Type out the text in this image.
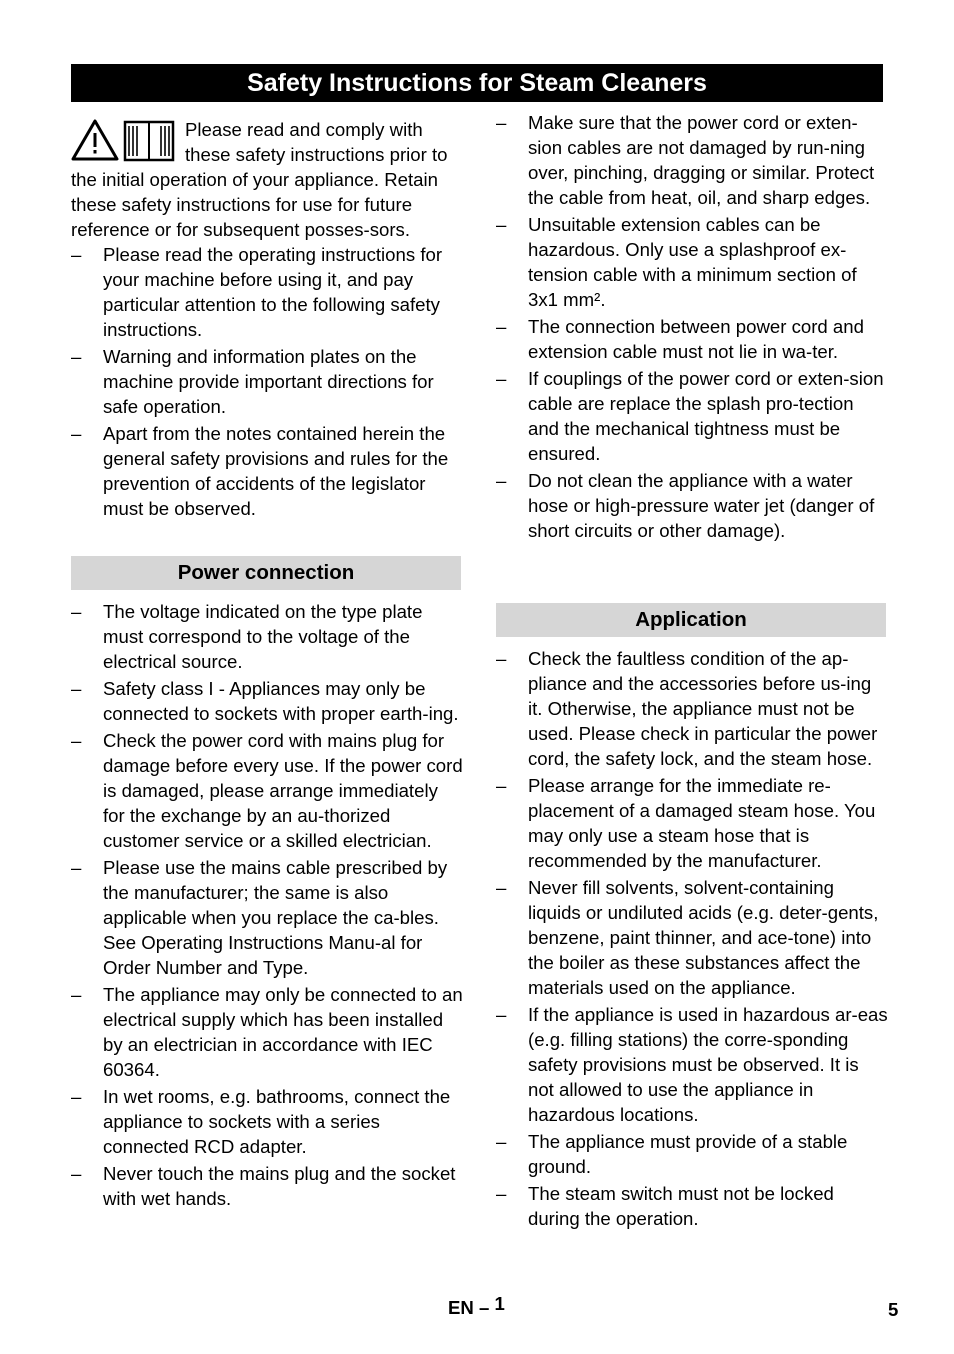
Safety Instructions for Steam Cleaners

Please read and comply with these safety instructions prior to the initial operation of your appliance. Retain these safety instructions for use for future reference or for subsequent posses-sors.

– Please read the operating instructions for your machine before using it, and pay particular attention to the following safety instructions.
– Warning and information plates on the machine provide important directions for safe operation.
– Apart from the notes contained herein the general safety provisions and rules for the prevention of accidents of the legislator must be observed.
Power connection
– The voltage indicated on the type plate must correspond to the voltage of the electrical source.
– Safety class I - Appliances may only be connected to sockets with proper earth-ing.
– Check the power cord with mains plug for damage before every use. If the power cord is damaged, please arrange immediately for the exchange by an au-thorized customer service or a skilled electrician.
– Please use the mains cable prescribed by the manufacturer; the same is also applicable when you replace the ca-bles. See Operating Instructions Manu-al for Order Number and Type.
– The appliance may only be connected to an electrical supply which has been installed by an electrician in accordance with IEC 60364.
– In wet rooms, e.g. bathrooms, connect the appliance to sockets with a series connected RCD adapter.
– Never touch the mains plug and the socket with wet hands.
– Make sure that the power cord or exten-sion cables are not damaged by run-ning over, pinching, dragging or similar. Protect the cable from heat, oil, and sharp edges.
– Unsuitable extension cables can be hazardous. Only use a splashproof ex-tension cable with a minimum section of 3x1 mm².
– The connection between power cord and extension cable must not lie in wa-ter.
– If couplings of the power cord or exten-sion cable are replace the splash pro-tection and the mechanical tightness must be ensured.
– Do not clean the appliance with a water hose or high-pressure water jet (danger of short circuits or other damage).
Application
– Check the faultless condition of the ap-pliance and the accessories before us-ing it. Otherwise, the appliance must not be used. Please check in particular the power cord, the safety lock, and the steam hose.
– Please arrange for the immediate re-placement of a damaged steam hose. You may only use a steam hose that is recommended by the manufacturer.
– Never fill solvents, solvent-containing liquids or undiluted acids (e.g. deter-gents, benzene, paint thinner, and ace-tone) into the boiler as these substances affect the materials used on the appliance.
– If the appliance is used in hazardous ar-eas (e.g. filling stations) the corre-sponding safety provisions must be observed. It is not allowed to use the appliance in hazardous locations.
– The appliance must provide of a stable ground.
– The steam switch must not be locked during the operation.
EN – 1	5
